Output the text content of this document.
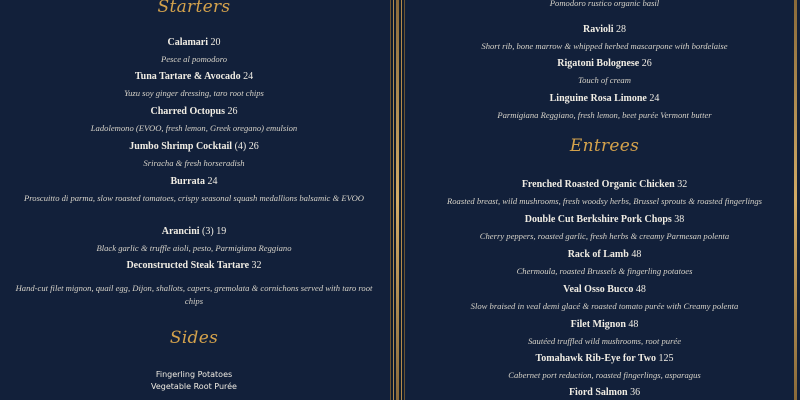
Starters
Calamari 20
Pesce al pomodoro
Tuna Tartare & Avocado 24
Yuzu soy ginger dressing, taro root chips
Charred Octopus 26
Ladolemono (EVOO, fresh lemon, Greek oregano) emulsion
Jumbo Shrimp Cocktail (4) 26
Sriracha & fresh horseradish
Burrata 24
Proscuitto di parma, slow roasted tomatoes, crispy seasonal squash medallions balsamic & EVOO
Arancini (3) 19
Black garlic & truffle aioli, pesto, Parmigiana Reggiano
Deconstructed Steak Tartare 32
Hand-cut filet mignon, quail egg, Dijon, shallots, capers, gremolata & cornichons served with taro root chips
Sides
Fingerling Potatoes
Vegetable Root Purée
Pomodoro rustico organic basil
Ravioli 28
Short rib, bone marrow & whipped herbed mascarpone with bordelaise
Rigatoni Bolognese 26
Touch of cream
Linguine Rosa Limone 24
Parmigiana Reggiano, fresh lemon, beet purée Vermont butter
Entrees
Frenched Roasted Organic Chicken 32
Roasted breast, wild mushrooms, fresh woodsy herbs, Brussel sprouts & roasted fingerlings
Double Cut Berkshire Pork Chops 38
Cherry peppers, roasted garlic, fresh herbs & creamy Parmesan polenta
Rack of Lamb 48
Chermoula, roasted Brussels & fingerling potatoes
Veal Osso Bucco 48
Slow braised in veal demi glacé & roasted tomato purée with Creamy polenta
Filet Mignon 48
Sautéed truffled wild mushrooms, root purée
Tomahawk Rib-Eye for Two 125
Cabernet port reduction, roasted fingerlings, asparagus
Fiord Salmon 36
